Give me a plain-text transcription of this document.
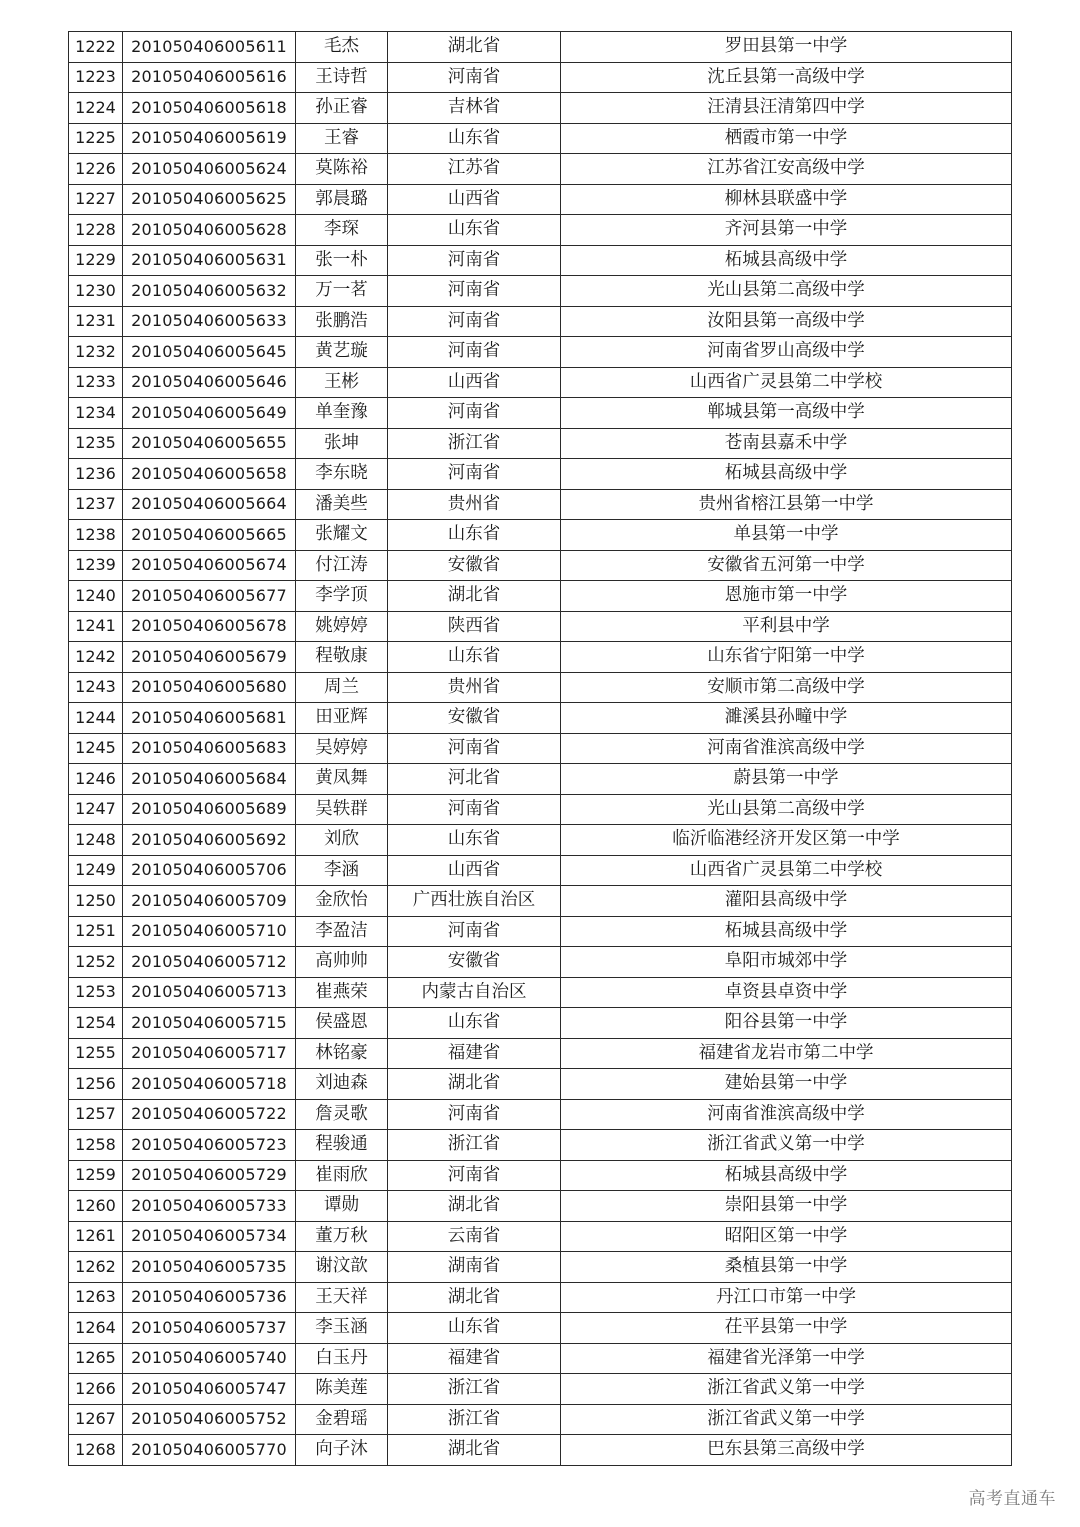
1222	201050406005611	毛杰	湖北省	罗田县第一中学
1223	201050406005616	王诗哲	河南省	沈丘县第一高级中学
1224	201050406005618	孙正睿	吉林省	汪清县汪清第四中学
1225	201050406005619	王睿	山东省	栖霞市第一中学
1226	201050406005624	莫陈裕	江苏省	江苏省江安高级中学
1227	201050406005625	郭晨璐	山西省	柳林县联盛中学
1228	201050406005628	李琛	山东省	齐河县第一中学
1229	201050406005631	张一朴	河南省	柘城县高级中学
1230	201050406005632	万一茗	河南省	光山县第二高级中学
1231	201050406005633	张鹏浩	河南省	汝阳县第一高级中学
1232	201050406005645	黄艺璇	河南省	河南省罗山高级中学
1233	201050406005646	王彬	山西省	山西省广灵县第二中学校
1234	201050406005649	单奎豫	河南省	郸城县第一高级中学
1235	201050406005655	张坤	浙江省	苍南县嘉禾中学
1236	201050406005658	李东晓	河南省	柘城县高级中学
1237	201050406005664	潘美些	贵州省	贵州省榕江县第一中学
1238	201050406005665	张耀文	山东省	单县第一中学
1239	201050406005674	付江涛	安徽省	安徽省五河第一中学
1240	201050406005677	李学顶	湖北省	恩施市第一中学
1241	201050406005678	姚婷婷	陕西省	平利县中学
1242	201050406005679	程敬康	山东省	山东省宁阳第一中学
1243	201050406005680	周兰	贵州省	安顺市第二高级中学
1244	201050406005681	田亚辉	安徽省	濉溪县孙疃中学
1245	201050406005683	吴婷婷	河南省	河南省淮滨高级中学
1246	201050406005684	黄凤舞	河北省	蔚县第一中学
1247	201050406005689	吴轶群	河南省	光山县第二高级中学
1248	201050406005692	刘欣	山东省	临沂临港经济开发区第一中学
1249	201050406005706	李涵	山西省	山西省广灵县第二中学校
1250	201050406005709	金欣怡	广西壮族自治区	灌阳县高级中学
1251	201050406005710	李盈洁	河南省	柘城县高级中学
1252	201050406005712	高帅帅	安徽省	阜阳市城郊中学
1253	201050406005713	崔燕荣	内蒙古自治区	卓资县卓资中学
1254	201050406005715	侯盛恩	山东省	阳谷县第一中学
1255	201050406005717	林铭豪	福建省	福建省龙岩市第二中学
1256	201050406005718	刘迪森	湖北省	建始县第一中学
1257	201050406005722	詹灵歌	河南省	河南省淮滨高级中学
1258	201050406005723	程骏通	浙江省	浙江省武义第一中学
1259	201050406005729	崔雨欣	河南省	柘城县高级中学
1260	201050406005733	谭勋	湖北省	崇阳县第一中学
1261	201050406005734	董万秋	云南省	昭阳区第一中学
1262	201050406005735	谢汶歆	湖南省	桑植县第一中学
1263	201050406005736	王天祥	湖北省	丹江口市第一中学
1264	201050406005737	李玉涵	山东省	茌平县第一中学
1265	201050406005740	白玉丹	福建省	福建省光泽第一中学
1266	201050406005747	陈美莲	浙江省	浙江省武义第一中学
1267	201050406005752	金碧瑶	浙江省	浙江省武义第一中学
1268	201050406005770	向子沐	湖北省	巴东县第三高级中学
高考直通车
